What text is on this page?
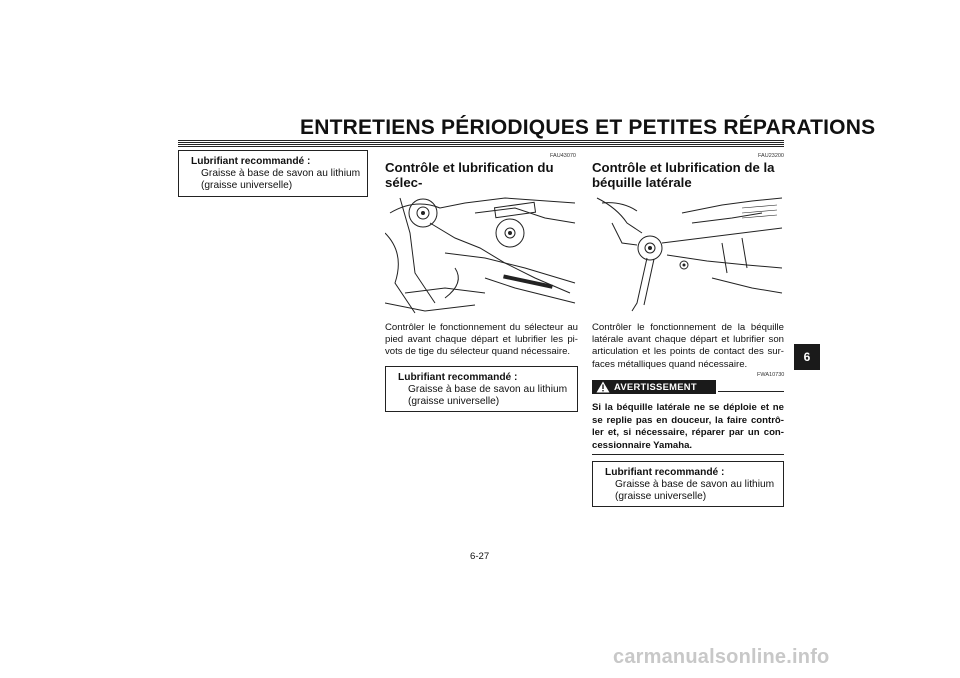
ENTRETIENS PÉRIODIQUES ET PETITES RÉPARATIONS
Lubrifiant recommandé :
Graisse à base de savon au lithium
(graisse universelle)
FAU43070
Contrôle et lubrification du sélec-

Contrôler le fonctionnement du sélecteur au pied avant chaque départ et lubrifier les pi-vots de tige du sélecteur quand nécessaire.

Lubrifiant recommandé :
Graisse à base de savon au lithium
(graisse universelle)
FAU23200
Contrôle et lubrification de la
béquille latérale

Contrôler le fonctionnement de la béquille latérale avant chaque départ et lubrifier son articulation et les points de contact des sur-faces métalliques quand nécessaire.

FWA10730
AVERTISSEMENT

Si la béquille latérale ne se déploie et ne se replie pas en douceur, la faire contrô-ler et, si nécessaire, réparer par un con-cessionnaire Yamaha.

Lubrifiant recommandé :
Graisse à base de savon au lithium
(graisse universelle)
6-27
6
carmanualsonline.info
